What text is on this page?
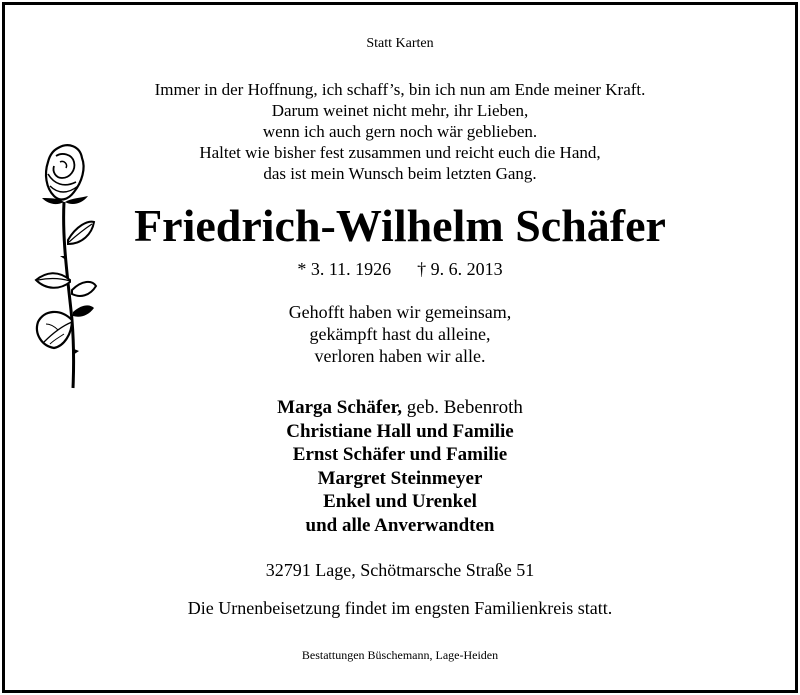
Statt Karten
Immer in der Hoffnung, ich schaff’s, bin ich nun am Ende meiner Kraft.
Darum weinet nicht mehr, ihr Lieben,
wenn ich auch gern noch wär geblieben.
Haltet wie bisher fest zusammen und reicht euch die Hand,
das ist mein Wunsch beim letzten Gang.
Friedrich-Wilhelm Schäfer
* 3. 11. 1926 † 9. 6. 2013
Gehofft haben wir gemeinsam,
gekämpft hast du alleine,
verloren haben wir alle.
Marga Schäfer, geb. Bebenroth
Christiane Hall und Familie
Ernst Schäfer und Familie
Margret Steinmeyer
Enkel und Urenkel
und alle Anverwandten
32791 Lage, Schötmarsche Straße 51
Die Urnenbeisetzung findet im engsten Familienkreis statt.
Bestattungen Büschemann, Lage-Heiden
